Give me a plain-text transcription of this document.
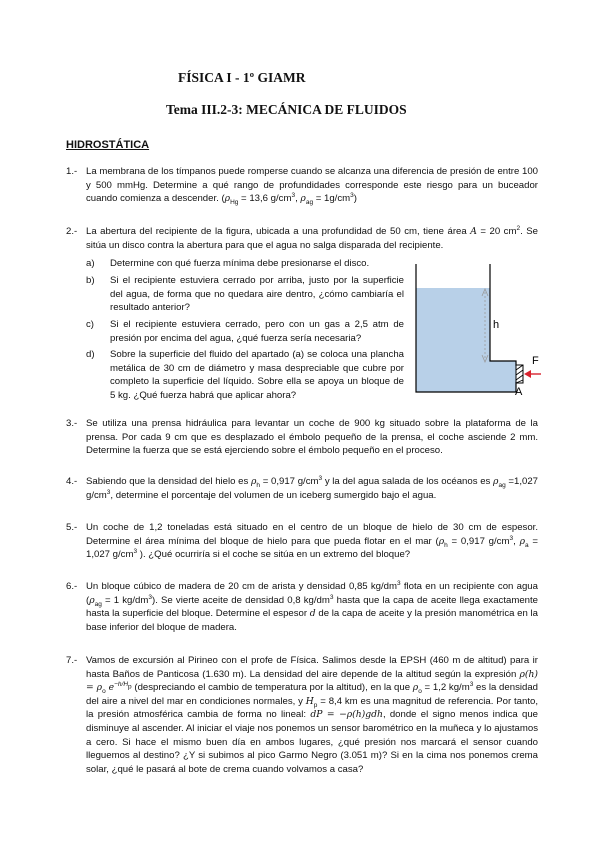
FÍSICA I - 1º GIAMR
Tema III.2-3: MECÁNICA DE FLUIDOS
HIDROSTÁTICA
1.- La membrana de los tímpanos puede romperse cuando se alcanza una diferencia de presión de entre 100 y 500 mmHg. Determine a qué rango de profundidades corresponde este riesgo para un buceador cuando comienza a descender. ($\rho_{Hg} = 13,6$ $g/cm^3$, $\rho_{ag} = 1g/cm^3$)
2.- La abertura del recipiente de la figura, ubicada a una profundidad de 50 cm, tiene área A = 20 $cm^2$. Se sitúa un disco contra la abertura para que el agua no salga disparada del recipiente.
a) Determine con qué fuerza mínima debe presionarse el disco.
b) Si el recipiente estuviera cerrado por arriba, justo por la superficie del agua, de forma que no quedara aire dentro, ¿cómo cambiaría el resultado anterior?
c) Si el recipiente estuviera cerrado, pero con un gas a 2,5 atm de presión por encima del agua, ¿qué fuerza sería necesaria?
d) Sobre la superficie del fluido del apartado (a) se coloca una plancha metálica de 30 cm de diámetro y masa despreciable que cubre por completo la superficie del líquido. Sobre ella se apoya un bloque de 5 kg. ¿Qué fuerza habrá que aplicar ahora?
h
F
A
3.- Se utiliza una prensa hidráulica para levantar un coche de 900 kg situado sobre la plataforma de la prensa. Por cada 9 cm que es desplazado el émbolo pequeño de la prensa, el coche asciende 2 mm. Determine la fuerza que se está ejerciendo sobre el émbolo pequeño en el proceso.
4.- Sabiendo que la densidad del hielo es $\rho_h = 0,917$ $g/cm^3$ y la del agua salada de los océanos es $\rho_{ag} =1,027$ $g/cm^3$, determine el porcentaje del volumen de un iceberg sumergido bajo el agua.
5.- Un coche de 1,2 toneladas está situado en el centro de un bloque de hielo de 30 cm de espesor. Determine el área mínima del bloque de hielo para que pueda flotar en el mar ($\rho_h = 0,917$ $g/cm^3$, $\rho_a = 1,027$ $g/cm^3$ ). ¿Qué ocurriría si el coche se sitúa en un extremo del bloque?
6.- Un bloque cúbico de madera de 20 cm de arista y densidad 0,85 $kg/dm^3$ flota en un recipiente con agua ($\rho_{ag} = 1$ $kg/dm^3$). Se vierte aceite de densidad 0,8 $kg/dm^3$ hasta que la capa de aceite llega exactamente hasta la superficie del bloque. Determine el espesor d de la capa de aceite y la presión manométrica en la base inferior del bloque de madera.
7.- Vamos de excursión al Pirineo con el profe de Física. Salimos desde la EPSH (460 m de altitud) para ir hasta Baños de Panticosa (1.630 m). La densidad del aire depende de la altitud según la expresión $\rho(h) = \rho_o$ $e^{-h/H_p}$ (despreciando el cambio de temperatura por la altitud), en la que $\rho_o = 1,2$ $kg/m^3$ es la densidad del aire a nivel del mar en condiciones normales, y $H_p = 8,4$ km es una magnitud de referencia. Por tanto, la presión atmosférica cambia de forma no lineal: dP = −ρ(h)gdh, donde el signo menos indica que disminuye al ascender. Al iniciar el viaje nos ponemos un sensor barométrico en la muñeca y lo ajustamos a cero. Si hace el mismo buen día en ambos lugares, ¿qué presión nos marcará el sensor cuando lleguemos al destino? ¿Y si subimos al pico Garmo Negro (3.051 m)? Si en la cima nos ponemos crema solar, ¿qué le pasará al bote de crema cuando volvamos a casa?
